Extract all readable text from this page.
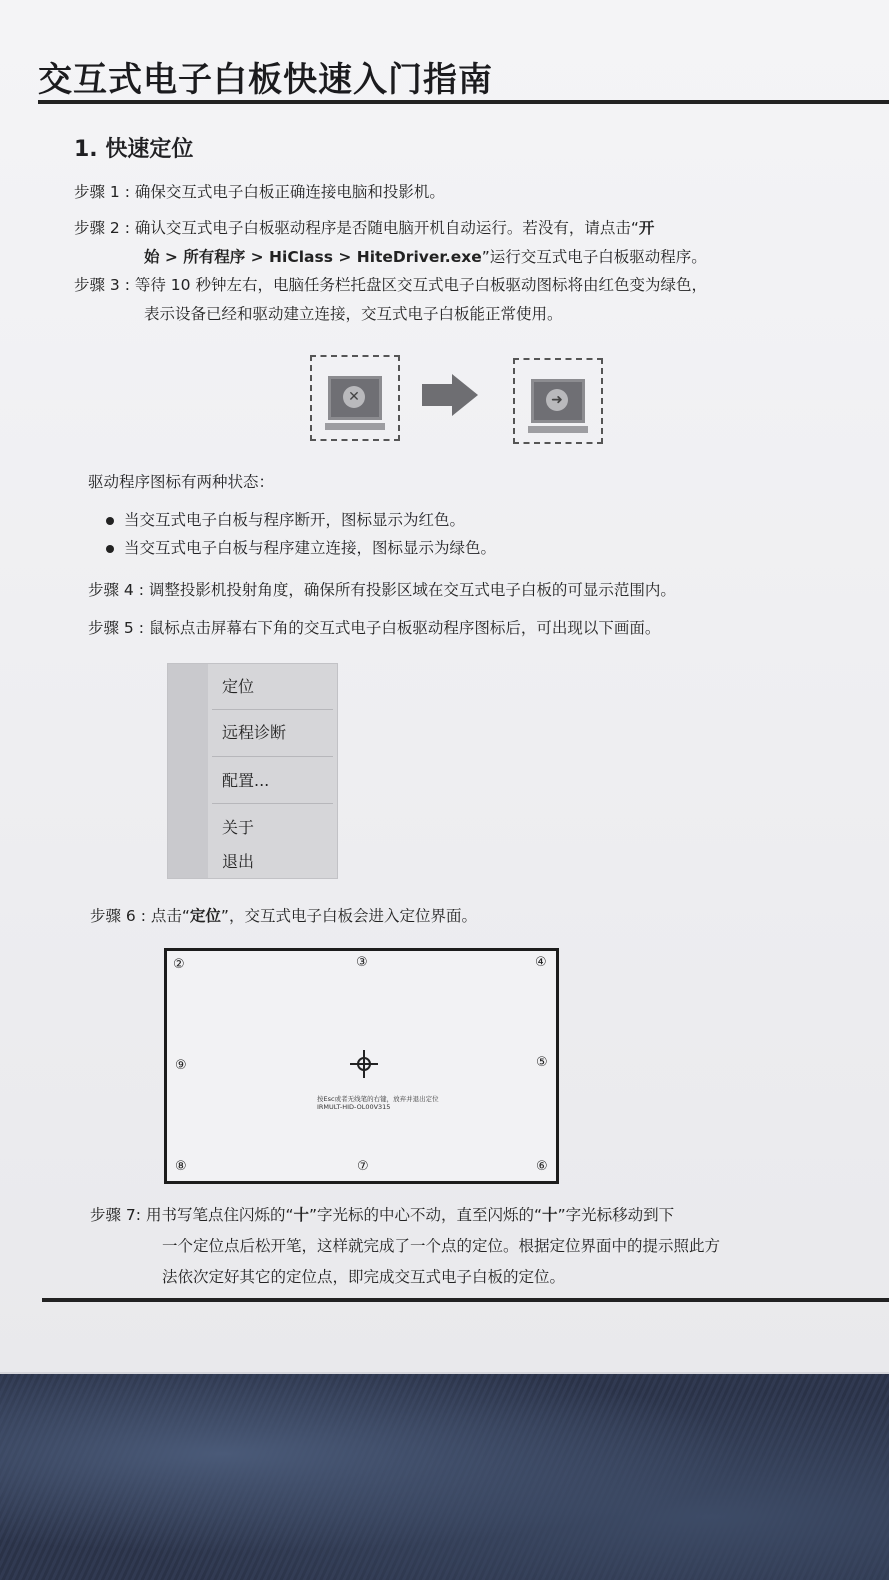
交互式电子白板快速入门指南
1. 快速定位
步骤 1 : 确保交互式电子白板正确连接电脑和投影机。
步骤 2 : 确认交互式电子白板驱动程序是否随电脑开机自动运行。若没有，请点击“开
始 > 所有程序 > HiClass > HiteDriver.exe”运行交互式电子白板驱动程序。
步骤 3 : 等待 10 秒钟左右，电脑任务栏托盘区交互式电子白板驱动图标将由红色变为绿色，
表示设备已经和驱动建立连接，交互式电子白板能正常使用。
✕	➜
驱动程序图标有两种状态：
当交互式电子白板与程序断开，图标显示为红色。
当交互式电子白板与程序建立连接，图标显示为绿色。
步骤 4 : 调整投影机投射角度，确保所有投影区域在交互式电子白板的可显示范围内。
步骤 5 : 鼠标点击屏幕右下角的交互式电子白板驱动程序图标后，可出现以下画面。
定位
远程诊断
配置...
关于
退出
步骤 6 : 点击“定位”，交互式电子白板会进入定位界面。
②	③	④
⑨	⑤
⑧	⑦	⑥
按Esc或者无线笔的右键，放弃并退出定位
IRMULT-HID-OL00V315
步骤 7: 用书写笔点住闪烁的“十”字光标的中心不动，直至闪烁的“十”字光标移动到下
一个定位点后松开笔，这样就完成了一个点的定位。根据定位界面中的提示照此方
法依次定好其它的定位点，即完成交互式电子白板的定位。
